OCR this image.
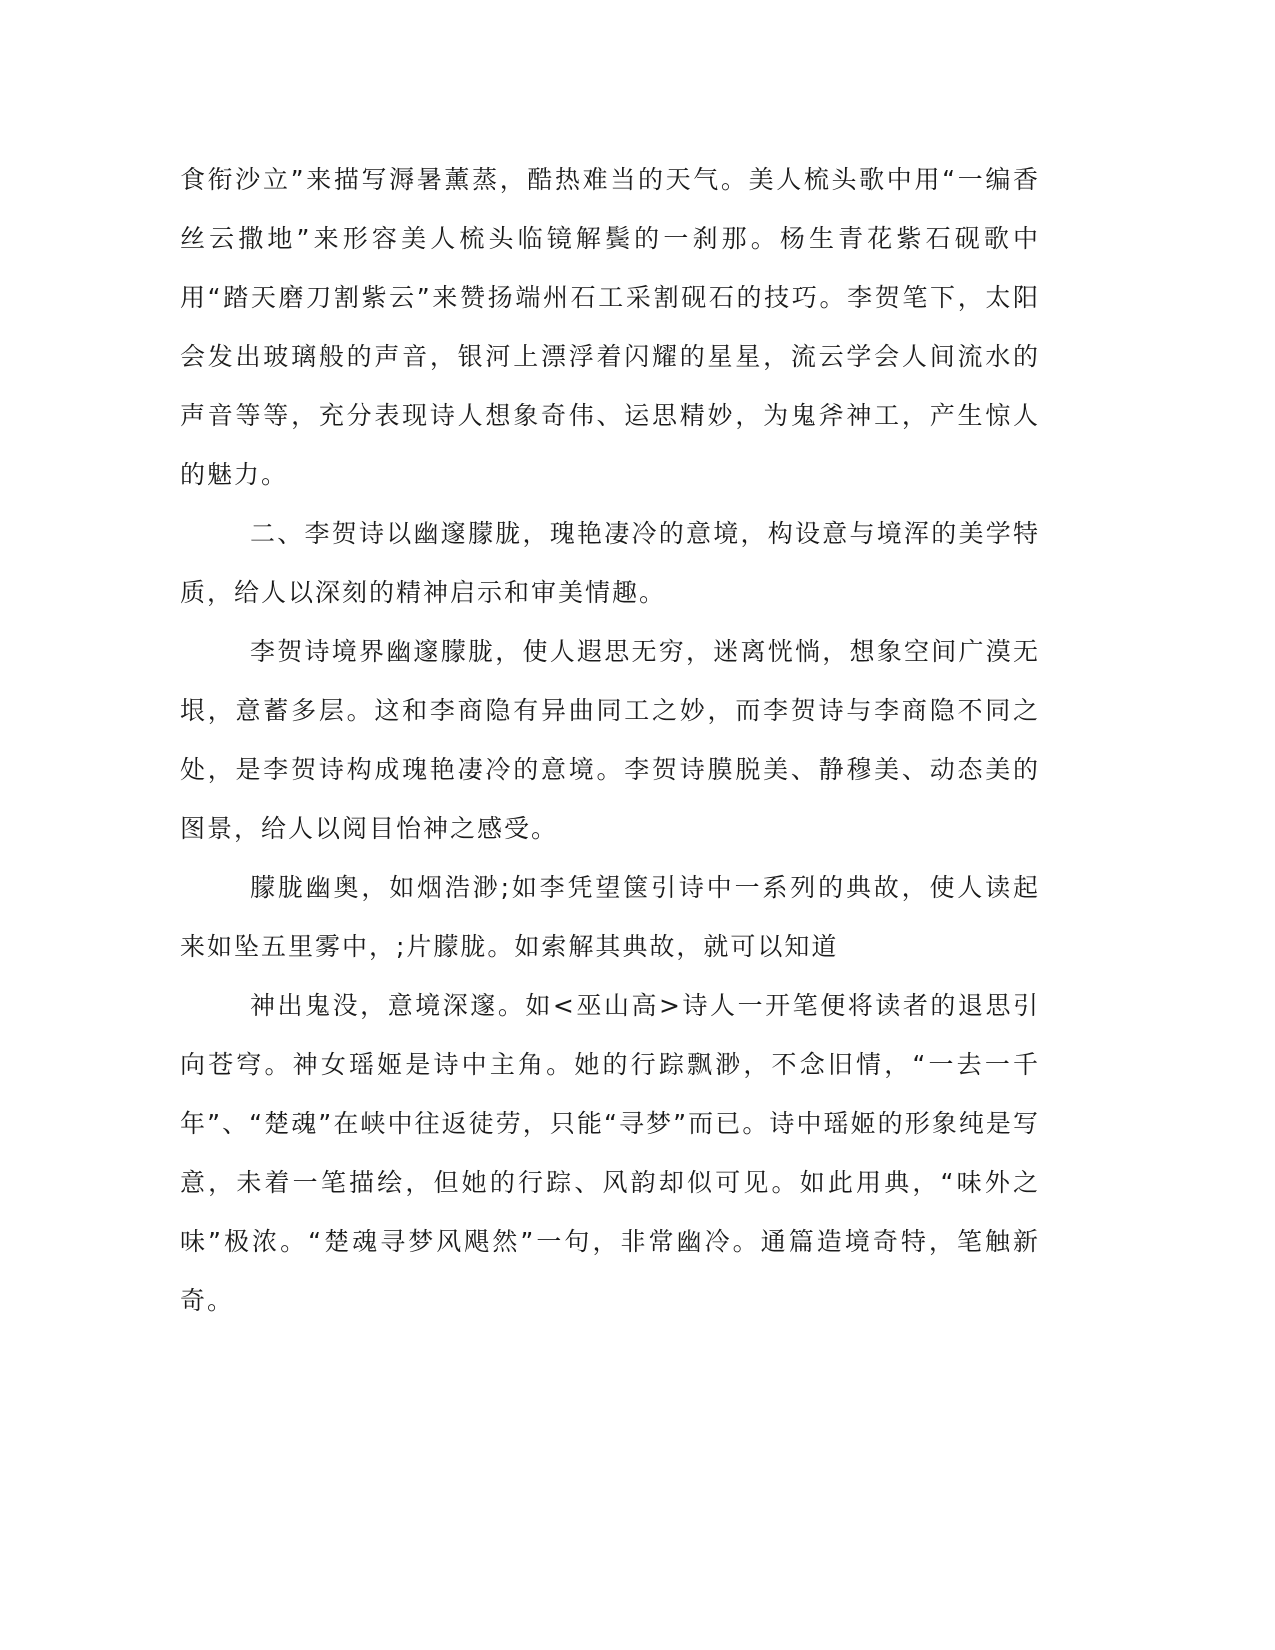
食衔沙立”来描写溽暑薰蒸，酷热难当的天气。美人梳头歌中用“一编香丝云撒地”来形容美人梳头临镜解鬓的一刹那。杨生青花紫石砚歌中用“踏天磨刀割紫云”来赞扬端州石工采割砚石的技巧。李贺笔下，太阳会发出玻璃般的声音，银河上漂浮着闪耀的星星，流云学会人间流水的声音等等，充分表现诗人想象奇伟、运思精妙，为鬼斧神工，产生惊人的魅力。

二、李贺诗以幽邃朦胧，瑰艳凄冷的意境，构设意与境浑的美学特质，给人以深刻的精神启示和审美情趣。

李贺诗境界幽邃朦胧，使人遐思无穷，迷离恍惝，想象空间广漠无垠，意蓄多层。这和李商隐有异曲同工之妙，而李贺诗与李商隐不同之处，是李贺诗构成瑰艳凄冷的意境。李贺诗膜脱美、静穆美、动态美的图景，给人以阅目怡神之感受。

朦胧幽奥，如烟浩渺;如李凭望箧引诗中一系列的典故，使人读起来如坠五里雾中，;片朦胧。如索解其典故，就可以知道

神出鬼没，意境深邃。如<巫山高>诗人一开笔便将读者的退思引向苍穹。神女瑶姬是诗中主角。她的行踪飘渺，不念旧情，“一去一千年”、“楚魂”在峡中往返徒劳，只能“寻梦”而已。诗中瑶姬的形象纯是写意，未着一笔描绘，但她的行踪、风韵却似可见。如此用典，“味外之味”极浓。“楚魂寻梦风飓然”一句，非常幽冷。通篇造境奇特，笔触新奇。
